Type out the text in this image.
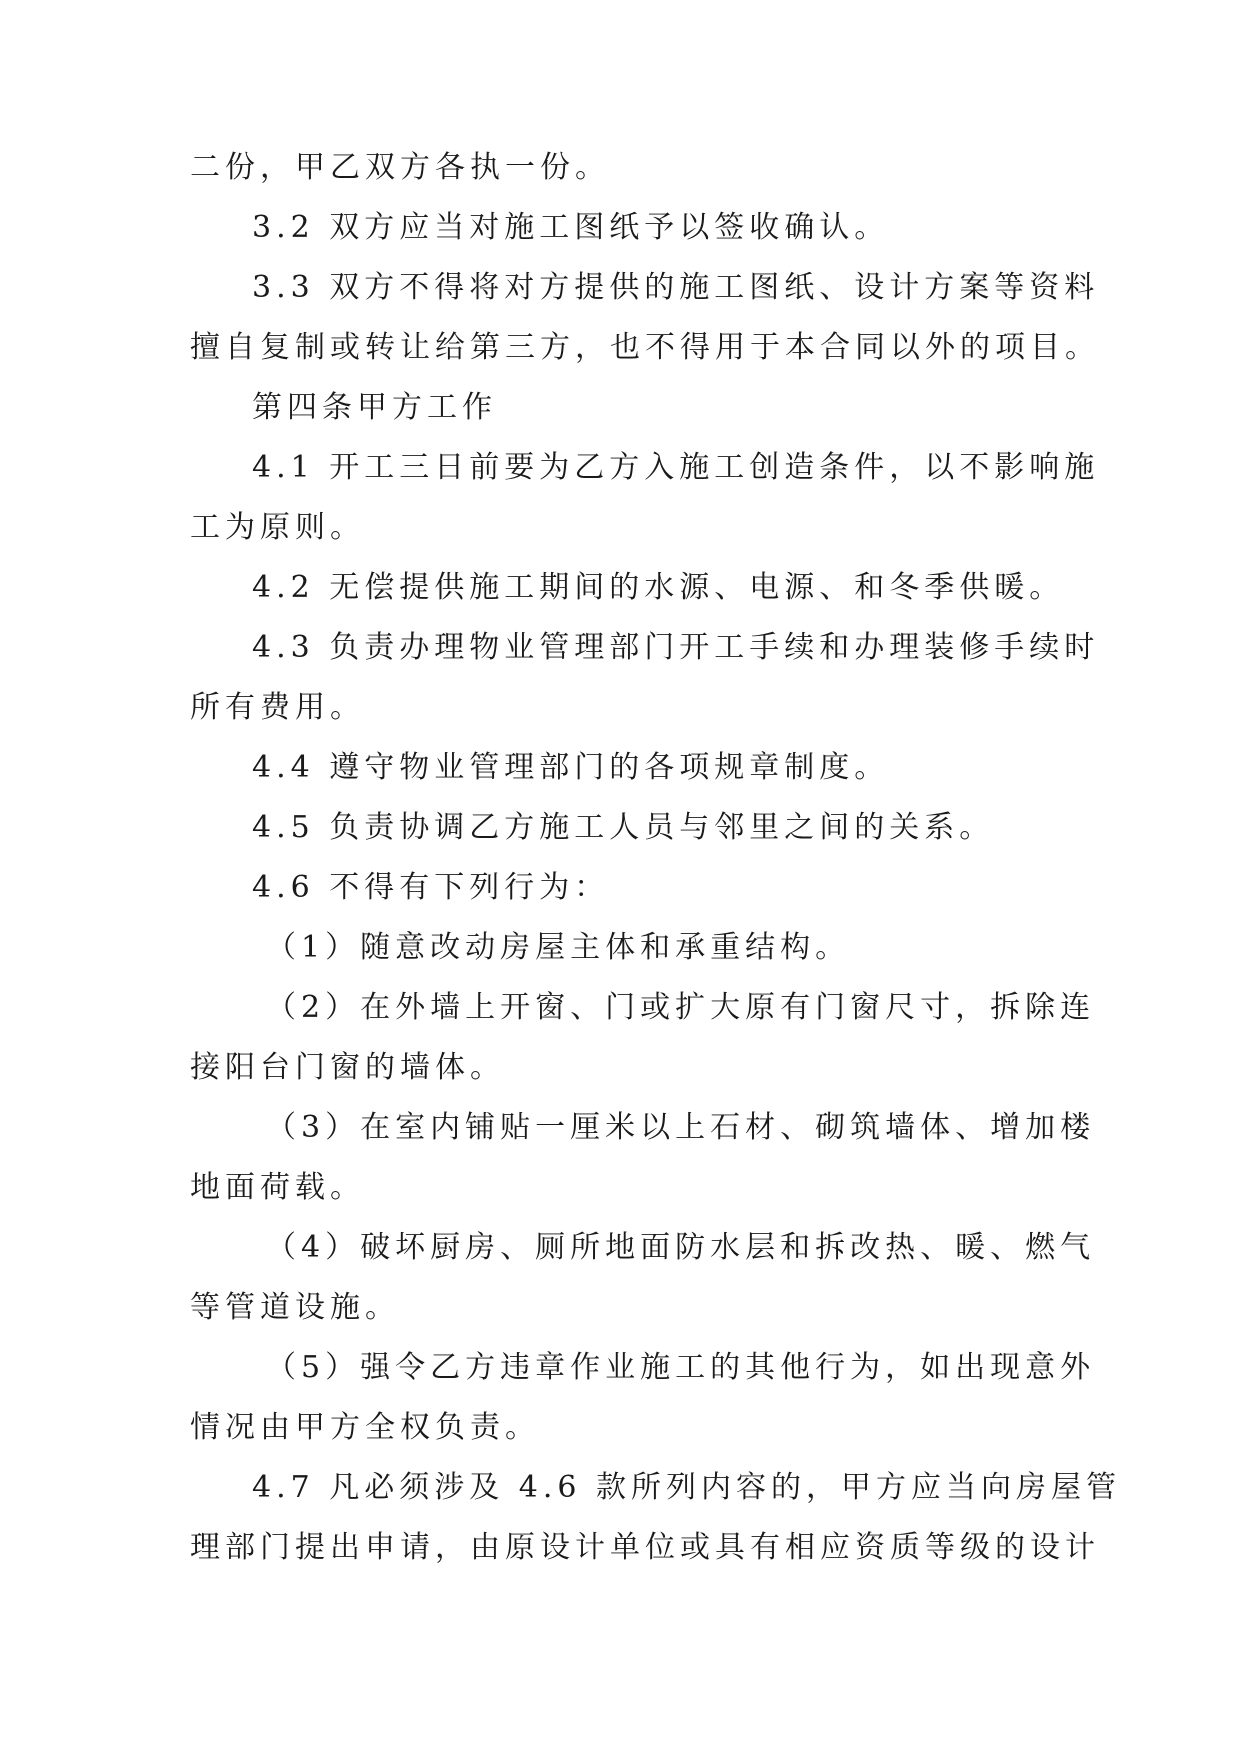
二份，甲乙双方各执一份。
3.2 双方应当对施工图纸予以签收确认。
3.3 双方不得将对方提供的施工图纸、设计方案等资料
擅自复制或转让给第三方，也不得用于本合同以外的项目。
第四条甲方工作
4.1 开工三日前要为乙方入施工创造条件，以不影响施
工为原则。
4.2 无偿提供施工期间的水源、电源、和冬季供暖。
4.3 负责办理物业管理部门开工手续和办理装修手续时
所有费用。
4.4 遵守物业管理部门的各项规章制度。
4.5 负责协调乙方施工人员与邻里之间的关系。
4.6 不得有下列行为：
（1）随意改动房屋主体和承重结构。
（2）在外墙上开窗、门或扩大原有门窗尺寸，拆除连
接阳台门窗的墙体。
（3）在室内铺贴一厘米以上石材、砌筑墙体、增加楼
地面荷载。
（4）破坏厨房、厕所地面防水层和拆改热、暖、燃气
等管道设施。
（5）强令乙方违章作业施工的其他行为，如出现意外
情况由甲方全权负责。
4.7 凡必须涉及 4.6 款所列内容的，甲方应当向房屋管
理部门提出申请，由原设计单位或具有相应资质等级的设计
